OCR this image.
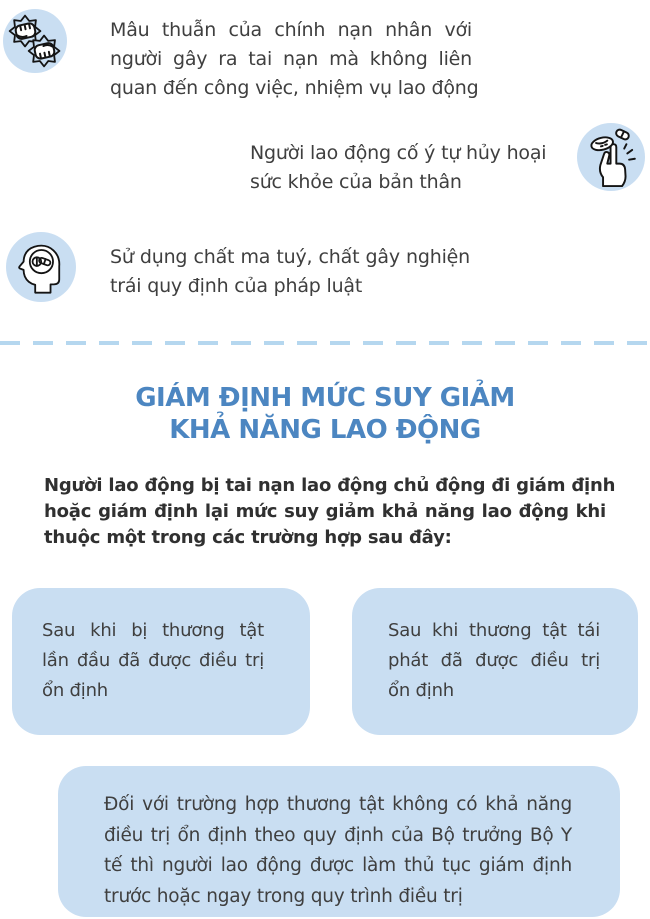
Mâu thuẫn của chính nạn nhân với
người gây ra tai nạn mà không liên
quan đến công việc, nhiệm vụ lao động
Người lao động cố ý tự hủy hoại
sức khỏe của bản thân
Sử dụng chất ma tuý, chất gây nghiện
trái quy định của pháp luật
GIÁM ĐỊNH MỨC SUY GIẢM
KHẢ NĂNG LAO ĐỘNG
Người lao động bị tai nạn lao động chủ động đi giám định
hoặc giám định lại mức suy giảm khả năng lao động khi
thuộc một trong các trường hợp sau đây:
Sau khi bị thương tật
lần đầu đã được điều trị
ổn định
Sau khi thương tật tái
phát đã được điều trị
ổn định
Đối với trường hợp thương tật không có khả năng
điều trị ổn định theo quy định của Bộ trưởng Bộ Y
tế thì người lao động được làm thủ tục giám định
trước hoặc ngay trong quy trình điều trị
